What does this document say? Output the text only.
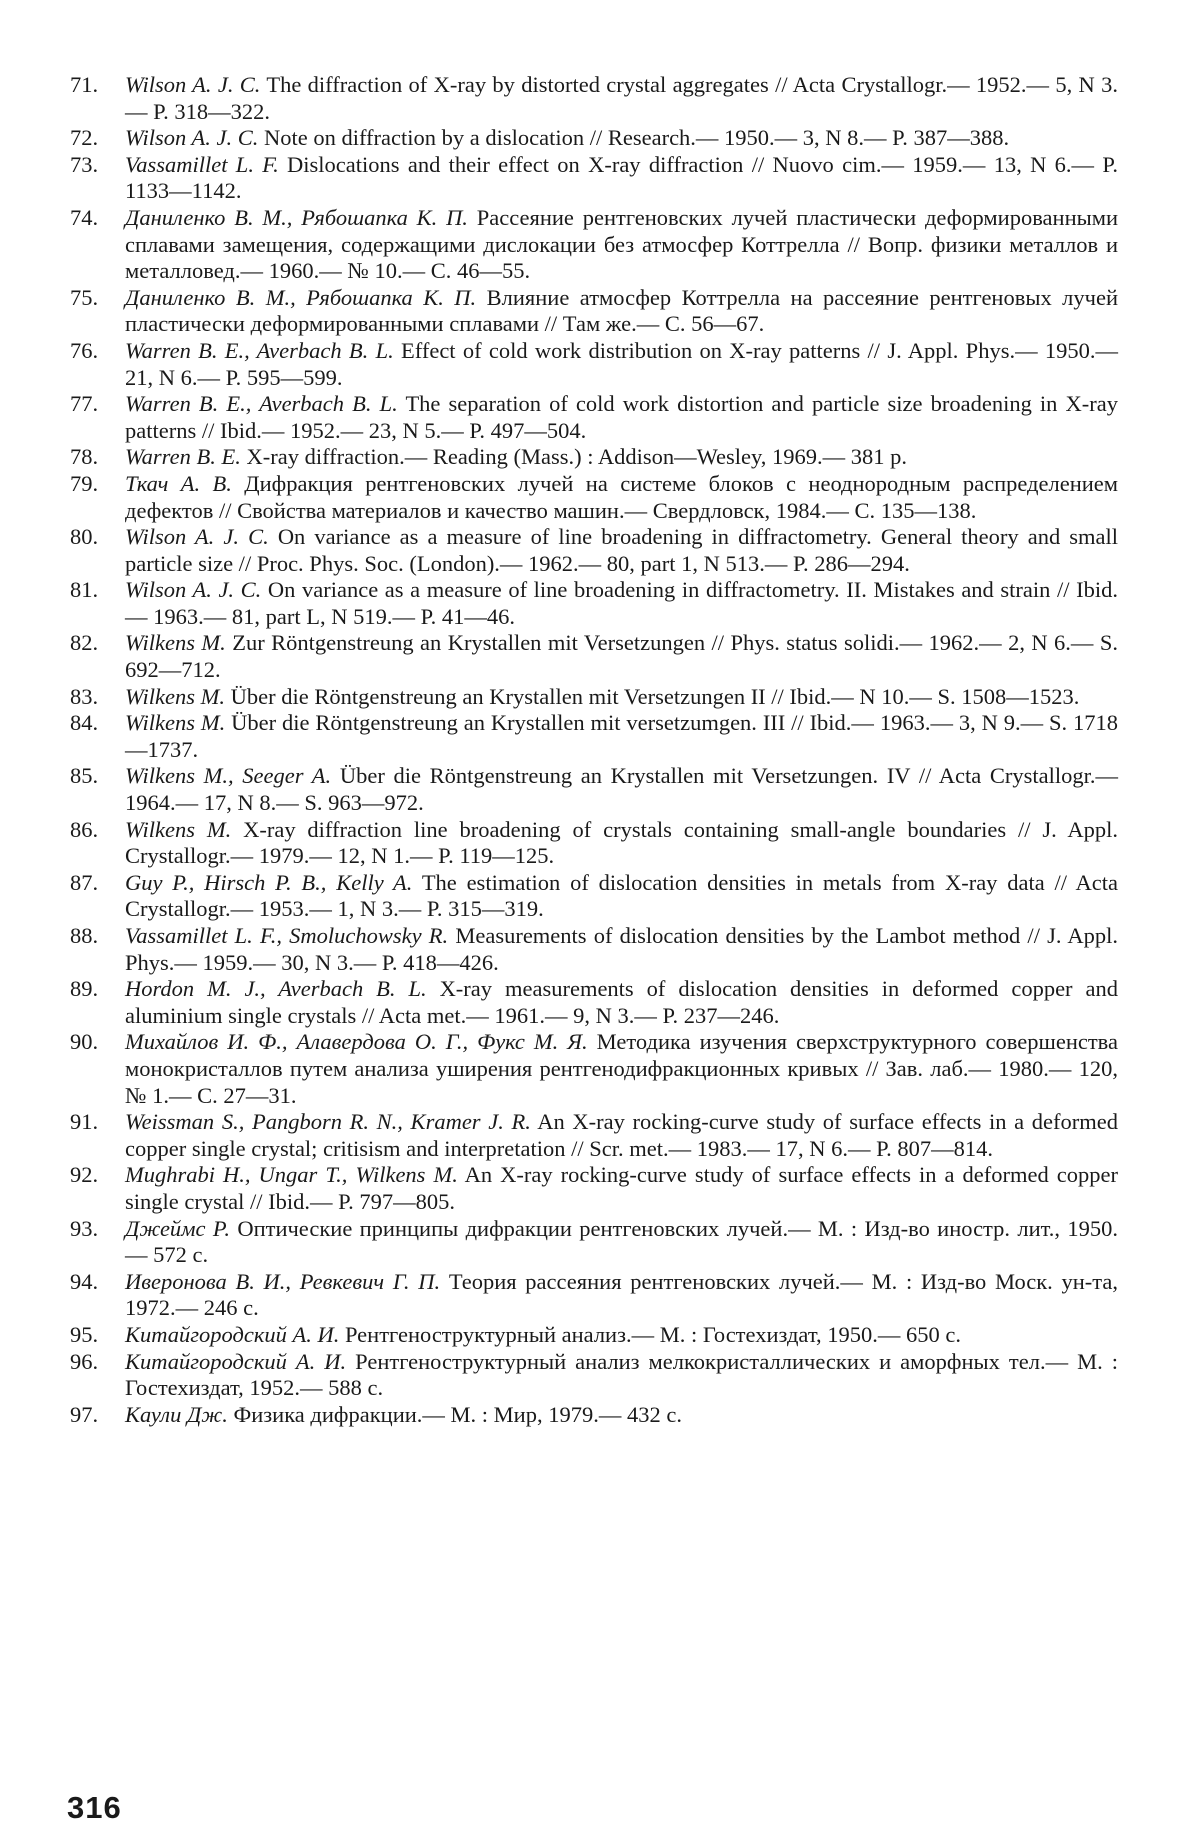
71.	Wilson A. J. C. The diffraction of X-ray by distorted crystal aggregates // Acta Crystallogr.— 1952.— 5, N 3.— P. 318—322.
72.	Wilson A. J. C. Note on diffraction by a dislocation // Research.— 1950.— 3, N 8.— P. 387—388.
73.	Vassamillet L. F. Dislocations and their effect on X-ray diffraction // Nuovo cim.— 1959.— 13, N 6.— P. 1133—1142.
74.	Даниленко В. М., Рябошапка К. П. Рассеяние рентгеновских лучей пластически деформированными сплавами замещения, содержащими дислокации без атмосфер Коттрелла // Вопр. физики металлов и металловед.— 1960.— № 10.— С. 46—55.
75.	Даниленко В. М., Рябошапка К. П. Влияние атмосфер Коттрелла на рассеяние рентгеновых лучей пластически деформированными сплавами // Там же.— С. 56—67.
76.	Warren B. E., Averbach B. L. Effect of cold work distribution on X-ray patterns // J. Appl. Phys.— 1950.— 21, N 6.— P. 595—599.
77.	Warren B. E., Averbach B. L. The separation of cold work distortion and particle size broadening in X-ray patterns // Ibid.— 1952.— 23, N 5.— P. 497—504.
78.	Warren B. E. X-ray diffraction.— Reading (Mass.) : Addison—Wesley, 1969.— 381 p.
79.	Ткач А. В. Дифракция рентгеновских лучей на системе блоков с неоднородным распределением дефектов // Свойства материалов и качество машин.— Свердловск, 1984.— С. 135—138.
80.	Wilson A. J. C. On variance as a measure of line broadening in diffractometry. General theory and small particle size // Proc. Phys. Soc. (London).— 1962.— 80, part 1, N 513.— P. 286—294.
81.	Wilson A. J. C. On variance as a measure of line broadening in diffractometry. II. Mistakes and strain // Ibid.— 1963.— 81, part L, N 519.— P. 41—46.
82.	Wilkens M. Zur Röntgenstreung an Krystallen mit Versetzungen // Phys. status solidi.— 1962.— 2, N 6.— S. 692—712.
83.	Wilkens M. Über die Röntgenstreung an Krystallen mit Versetzungen II // Ibid.— N 10.— S. 1508—1523.
84.	Wilkens M. Über die Röntgenstreung an Krystallen mit versetzumgen. III // Ibid.— 1963.— 3, N 9.— S. 1718—1737.
85.	Wilkens M., Seeger A. Über die Röntgenstreung an Krystallen mit Versetzungen. IV // Acta Crystallogr.— 1964.— 17, N 8.— S. 963—972.
86.	Wilkens M. X-ray diffraction line broadening of crystals containing small-angle boundaries // J. Appl. Crystallogr.— 1979.— 12, N 1.— P. 119—125.
87.	Guy P., Hirsch P. B., Kelly A. The estimation of dislocation densities in metals from X-ray data // Acta Crystallogr.— 1953.— 1, N 3.— P. 315—319.
88.	Vassamillet L. F., Smoluchowsky R. Measurements of dislocation densities by the Lambot method // J. Appl. Phys.— 1959.— 30, N 3.— P. 418—426.
89.	Hordon M. J., Averbach B. L. X-ray measurements of dislocation densities in deformed copper and aluminium single crystals // Acta met.— 1961.— 9, N 3.— P. 237—246.
90.	Михайлов И. Ф., Алавердова О. Г., Фукс М. Я. Методика изучения сверхструктурного совершенства монокристаллов путем анализа уширения рентгенодифракционных кривых // Зав. лаб.— 1980.— 120, № 1.— С. 27—31.
91.	Weissman S., Pangborn R. N., Kramer J. R. An X-ray rocking-curve study of surface effects in a deformed copper single crystal; critisism and interpretation // Scr. met.— 1983.— 17, N 6.— P. 807—814.
92.	Mughrabi H., Ungar T., Wilkens M. An X-ray rocking-curve study of surface effects in a deformed copper single crystal // Ibid.— P. 797—805.
93.	Джеймс Р. Оптические принципы дифракции рентгеновских лучей.— М. : Изд-во иностр. лит., 1950.— 572 с.
94.	Иверонова В. И., Ревкевич Г. П. Теория рассеяния рентгеновских лучей.— М. : Изд-во Моск. ун-та, 1972.— 246 с.
95.	Китайгородский А. И. Рентгеноструктурный анализ.— М. : Гостехиздат, 1950.— 650 с.
96.	Китайгородский А. И. Рентгеноструктурный анализ мелкокристаллических и аморфных тел.— М. : Гостехиздат, 1952.— 588 с.
97.	Каули Дж. Физика дифракции.— М. : Мир, 1979.— 432 с.
316
